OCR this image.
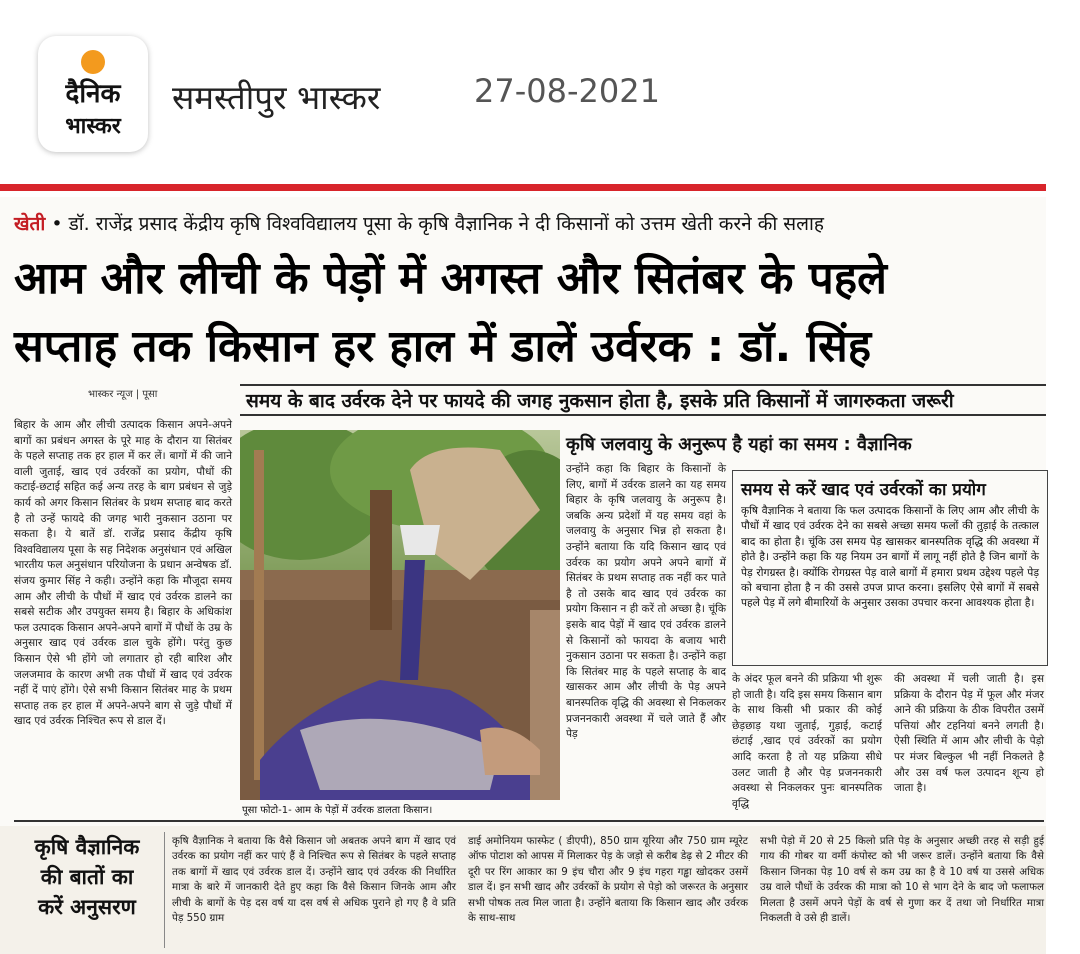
दैनिक
भास्कर
समस्तीपुर भास्कर	27-08-2021
खेती • डॉ. राजेंद्र प्रसाद केंद्रीय कृषि विश्वविद्यालय पूसा के कृषि वैज्ञानिक ने दी किसानों को उत्तम खेती करने की सलाह
आम और लीची के पेड़ों में अगस्त और सितंबर के पहले
सप्ताह तक किसान हर हाल में डालें उर्वरक : डॉ. सिंह
भास्कर न्यूज | पूसा	समय के बाद उर्वरक देने पर फायदे की जगह नुकसान होता है, इसके प्रति किसानों में जागरुकता जरूरी
बिहार के आम और लीची उत्पादक किसान अपने-अपने बागों का प्रबंधन अगस्त के पूरे माह के दौरान या सितंबर के पहले सप्ताह तक हर हाल में कर लें। बागों में की जाने वाली जुताई, खाद एवं उर्वरकों का प्रयोग, पौधों की कटाई-छटाई सहित कई अन्य तरह के बाग प्रबंधन से जुड़े कार्य को अगर किसान सितंबर के प्रथम सप्ताह बाद करते है तो उन्हें फायदे की जगह भारी नुकसान उठाना पर सकता है। ये बातें डॉ. राजेंद्र प्रसाद केंद्रीय कृषि विश्वविद्यालय पूसा के सह निदेशक अनुसंधान एवं अखिल भारतीय फल अनुसंधान परियोजना के प्रधान अन्वेषक डॉ. संजय कुमार सिंह ने कही। उन्होंने कहा कि मौजूदा समय आम और लीची के पौधों में खाद एवं उर्वरक डालने का सबसे सटीक और उपयुक्त समय है। बिहार के अधिकांश फल उत्पादक किसान अपने-अपने बागों में पौधों के उम्र के अनुसार खाद एवं उर्वरक डाल चुके होंगे। परंतु कुछ किसान ऐसे भी होंगे जो लगातार हो रही बारिश और जलजमाव के कारण अभी तक पौधों में खाद एवं उर्वरक नहीं दें पाएं होंगे। ऐसे सभी किसान सितंबर माह के प्रथम सप्ताह तक हर हाल में अपने-अपने बाग से जुड़े पौधों में खाद एवं उर्वरक निश्चित रूप से डाल दें।
पूसा फोटो-1- आम के पेड़ों में उर्वरक डालता किसान।
कृषि जलवायु के अनुरूप है यहां का समय : वैज्ञानिक
उन्होंने कहा कि बिहार के किसानों के लिए, बागों में उर्वरक डालने का यह समय बिहार के कृषि जलवायु के अनुरूप है। जबकि अन्य प्रदेशों में यह समय वहां के जलवायु के अनुसार भिन्न हो सकता है। उन्होंने बताया कि यदि किसान खाद एवं उर्वरक का प्रयोग अपने अपने बागों में सितंबर के प्रथम सप्ताह तक नहीं कर पाते है तो उसके बाद खाद एवं उर्वरक का प्रयोग किसान न ही करें तो अच्छा है। चूंकि इसके बाद पेड़ों में खाद एवं उर्वरक डालने से किसानों को फायदा के बजाय भारी नुकसान उठाना पर सकता है। उन्होंने कहा कि सितंबर माह के पहले सप्ताह के बाद खासकर आम और लीची के पेड़ अपने बानस्पतिक वृद्धि की अवस्था से निकलकर प्रजननकारी अवस्था में चले जाते हैं और पेड़
समय से करें खाद एवं उर्वरकों का प्रयोग
कृषि वैज्ञानिक ने बताया कि फल उत्पादक किसानों के लिए आम और लीची के पौधों में खाद एवं उर्वरक देने का सबसे अच्छा समय फलों की तुड़ाई के तत्काल बाद का होता है। चूंकि उस समय पेड़ खासकर बानस्पतिक वृद्धि की अवस्था में होते है। उन्होंने कहा कि यह नियम उन बागों में लागू नहीं होते है जिन बागों के पेड़ रोगग्रस्त है। क्योंकि रोगग्रस्त पेड़ वाले बागों में हमारा प्रथम उद्देश्य पहले पेड़ को बचाना होता है न की उससे उपज प्राप्त करना। इसलिए ऐसे बागों में सबसे पहले पेड़ में लगे बीमारियों के अनुसार उसका उपचार करना आवश्यक होता है।
के अंदर फूल बनने की प्रक्रिया भी शुरू हो जाती है। यदि इस समय किसान बाग के साथ किसी भी प्रकार की कोई छेड़छाड़ यथा जुताई, गुड़ाई, कटाई छंटाई ,खाद एवं उर्वरकों का प्रयोग आदि करता है तो यह प्रक्रिया सीधे उलट जाती है और पेड़ प्रजननकारी अवस्था से निकलकर पुनः बानस्पतिक वृद्धि
की अवस्था में चली जाती है। इस प्रक्रिया के दौरान पेड़ में फूल और मंजर आने की प्रक्रिया के ठीक विपरीत उसमें पत्तियां और टहनियां बनने लगती है। ऐसी स्थिति में आम और लीची के पेड़ो पर मंजर बिल्कुल भी नहीं निकलते है और उस वर्ष फल उत्पादन शून्य हो जाता है।
कृषि वैज्ञानिक
की बातों का
करें अनुसरण
कृषि वैज्ञानिक ने बताया कि वैसे किसान जो अबतक अपने बाग में खाद एवं उर्वरक का प्रयोग नहीं कर पाएं हैं वे निश्चित रूप से सितंबर के पहले सप्ताह तक बागों में खाद एवं उर्वरक डाल दें। उन्होंने खाद एवं उर्वरक की निर्धारित मात्रा के बारे में जानकारी देते हुए कहा कि वैसे किसान जिनके आम और लीची के बागों के पेड़ दस वर्ष या दस वर्ष से अधिक पुराने हो गए है वे प्रति पेड़ 550 ग्राम
डाई अमोनियम फास्फेट ( डीएपी), 850 ग्राम यूरिया और 750 ग्राम म्यूरेट ऑफ पोटाश को आपस में मिलाकर पेड़ के जड़ो से करीब डेढ़ से 2 मीटर की दूरी पर रिंग आकार का 9 इंच चौरा और 9 इंच गहरा गड्ढा खोदकर उसमें डाल दें। इन सभी खाद और उर्वरकों के प्रयोग से पेड़ो को जरूरत के अनुसार सभी पोषक तत्व मिल जाता है। उन्होंने बताया कि किसान खाद और उर्वरक के साथ-साथ
सभी पेड़ो में 20 से 25 किलो प्रति पेड़ के अनुसार अच्छी तरह से सड़ी हुई गाय की गोबर या वर्मी कंपोस्ट को भी जरूर डालें। उन्होंने बताया कि वैसे किसान जिनका पेड़ 10 वर्ष से कम उम्र का है वे 10 वर्ष या उससे अधिक उम्र वाले पौधों के उर्वरक की मात्रा को 10 से भाग देने के बाद जो फलाफल मिलता है उसमें अपने पेड़ों के वर्ष से गुणा कर दें तथा जो निर्धारित मात्रा निकलती वे उसे ही डालें।
